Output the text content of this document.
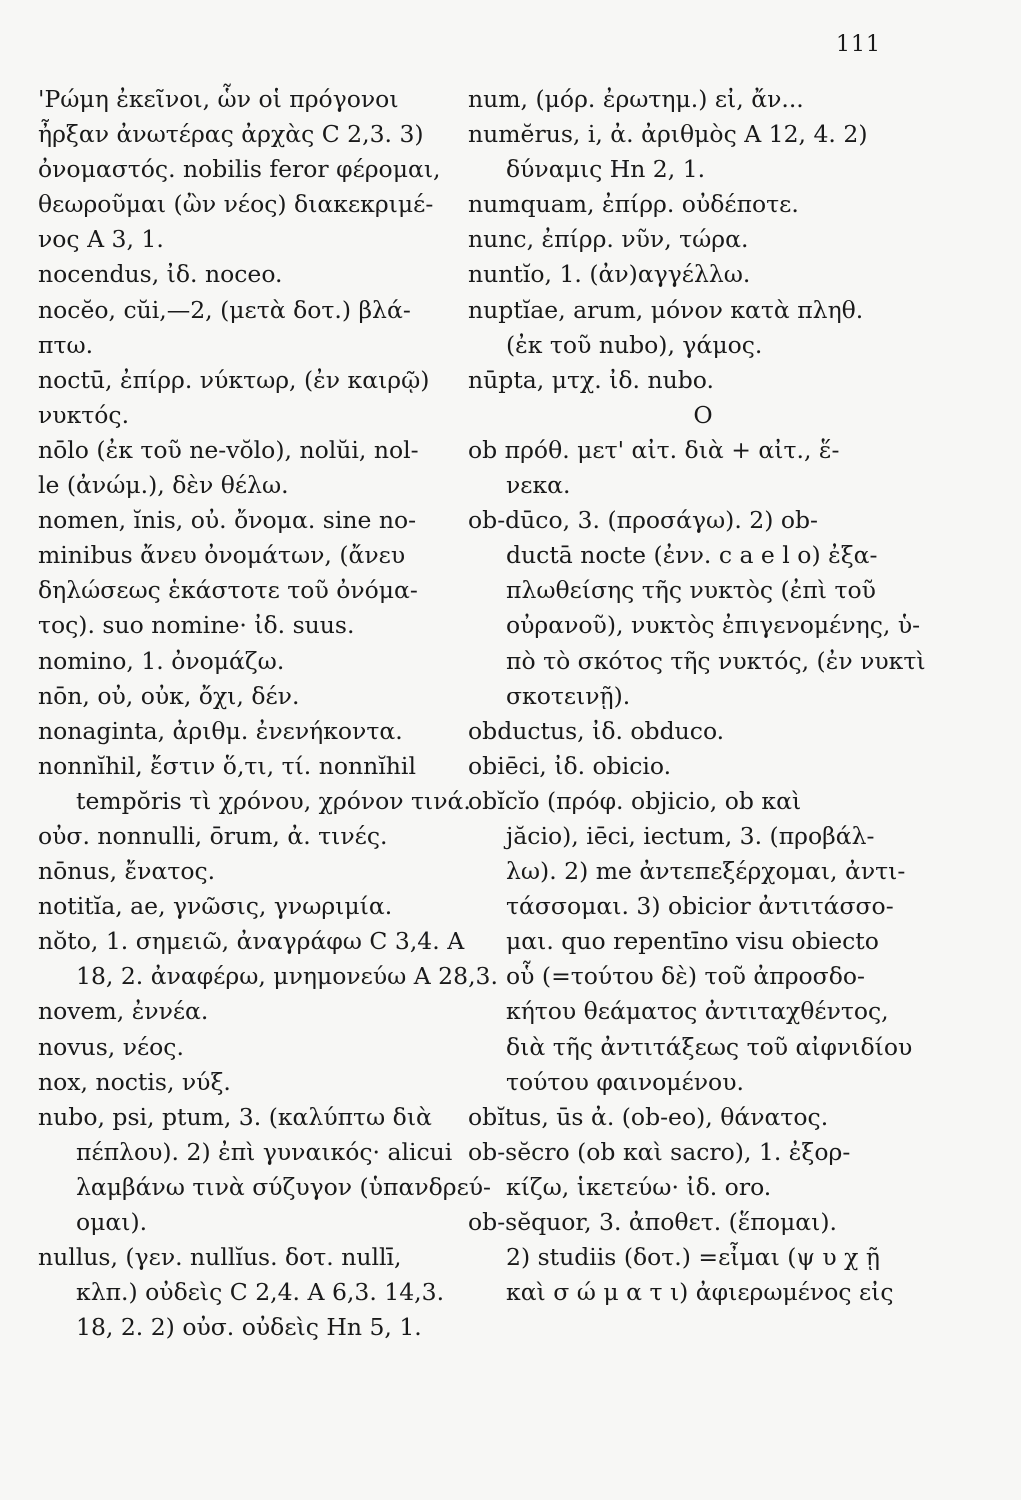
111
'Ρώμη ἐκεῖνοι, ὧν οἱ πρόγονοι
ἦρξαν ἀνωτέρας ἀρχὰς C 2,3. 3)
ὀνομαστός. nobilis feror φέρομαι,
θεωροῦμαι (ὢν νέος) διακεκριμέ-
νος A 3, 1.
nocendus, ἰδ. noceo.
nocĕo, cŭi,—2, (μετὰ δοτ.) βλά-
πτω.
noctū, ἐπίρρ. νύκτωρ, (ἐν καιρῷ)
νυκτός.
nōlo (ἐκ τοῦ ne-vŏlo), nolŭi, nol-
le (ἀνώμ.), δὲν θέλω.
nomen, ĭnis, οὐ. ὄνομα. sine no-
minibus ἄνευ ὀνομάτων, (ἄνευ
δηλώσεως ἑκάστοτε τοῦ ὀνόμα-
τος). suo nomine· ἰδ. suus.
nomino, 1. ὀνομάζω.
nōn, οὐ, οὐκ, ὄχι, δέν.
nonaginta, ἀριθμ. ἐνενήκοντα.
nonnĭhil, ἔστιν ὅ,τι, τί. nonnĭhil
tempŏris τὶ χρόνου, χρόνον τινά.
οὐσ. nonnulli, ōrum, ἀ. τινές.
nōnus, ἔνατος.
notitĭa, ae, γνῶσις, γνωριμία.
nŏto, 1. σημειῶ, ἀναγράφω C 3,4. A
18, 2. ἀναφέρω, μνημονεύω A 28,3.
novem, ἐννέα.
novus, νέος.
nox, noctis, νύξ.
nubo, psi, ptum, 3. (καλύπτω διὰ
πέπλου). 2) ἐπὶ γυναικός· alicui
λαμβάνω τινὰ σύζυγον (ὑπανδρεύ-
ομαι).
nullus, (γεν. nullĭus. δοτ. nullī,
κλπ.) οὐδεὶς C 2,4. A 6,3. 14,3.
18, 2. 2) οὐσ. οὐδεὶς Hn 5, 1.
num, (μόρ. ἐρωτημ.) εἰ, ἄν...
numĕrus, i, ἀ. ἀριθμὸς A 12, 4. 2)
δύναμις Hn 2, 1.
numquam, ἐπίρρ. οὐδέποτε.
nunc, ἐπίρρ. νῦν, τώρα.
nuntĭo, 1. (ἀν)αγγέλλω.
nuptĭae, arum, μόνον κατὰ πληθ.
(ἐκ τοῦ nubo), γάμος.
nūpta, μτχ. ἰδ. nubo.
O
ob πρόθ. μετ' αἰτ. διὰ + αἰτ., ἕ-
νεκα.
ob-dūco, 3. (προσάγω). 2) ob-
ductā nocte (ἐνν. c a e l o) ἐξα-
πλωθείσης τῆς νυκτὸς (ἐπὶ τοῦ
οὐρανοῦ), νυκτὸς ἐπιγενομένης, ὑ-
πὸ τὸ σκότος τῆς νυκτός, (ἐν νυκτὶ
σκοτεινῇ).
obductus, ἰδ. obduco.
obiēci, ἰδ. obicio.
obĭcĭo (πρόφ. objicio, ob καὶ
jăcio), iēci, iectum, 3. (προβάλ-
λω). 2) me ἀντεπεξέρχομαι, ἀντι-
τάσσομαι. 3) obicior ἀντιτάσσο-
μαι. quo repentīno visu obiecto
οὗ (=τούτου δὲ) τοῦ ἀπροσδο-
κήτου θεάματος ἀντιταχθέντος,
διὰ τῆς ἀντιτάξεως τοῦ αἰφνιδίου
τούτου φαινομένου.
obĭtus, ūs ἀ. (ob-eo), θάνατος.
ob-sĕcro (ob καὶ sacro), 1. ἐξορ-
κίζω, ἱκετεύω· ἰδ. oro.
ob-sĕquor, 3. ἀποθετ. (ἕπομαι).
2) studiis (δοτ.) =εἶμαι (ψ υ χ ῇ
καὶ σ ώ μ α τ ι) ἀφιερωμένος εἰς
